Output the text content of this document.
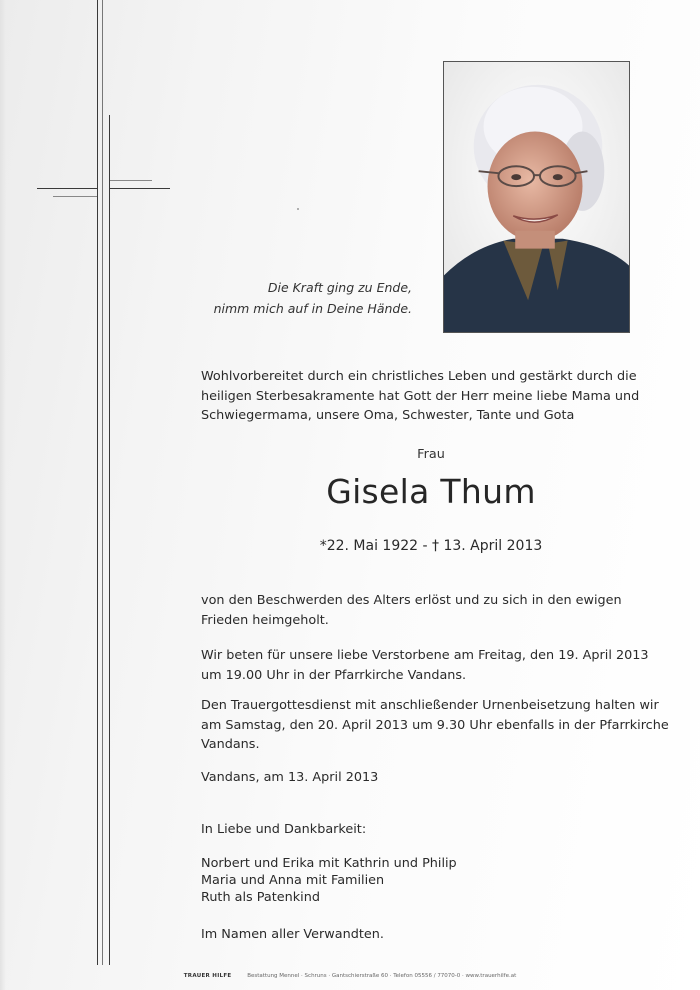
Die Kraft ging zu Ende,
nimm mich auf in Deine Hände.
Wohlvorbereitet durch ein christliches Leben und gestärkt durch die heiligen Sterbesakramente hat Gott der Herr meine liebe Mama und Schwiegermama, unsere Oma, Schwester, Tante und Gota
Frau
Gisela Thum
*22. Mai 1922 - † 13. April 2013
von den Beschwerden des Alters erlöst und zu sich in den ewigen Frieden heimgeholt.
Wir beten für unsere liebe Verstorbene am Freitag, den 19. April 2013 um 19.00 Uhr in der Pfarrkirche Vandans.
Den Trauergottesdienst mit anschließender Urnenbeisetzung halten wir am Samstag, den 20. April 2013 um 9.30 Uhr ebenfalls in der Pfarrkirche Vandans.
Vandans, am 13. April 2013
In Liebe und Dankbarkeit:
Norbert und Erika mit Kathrin und Philip
Maria und Anna mit Familien
Ruth als Patenkind
Im Namen aller Verwandten.
TRAUER HILFE	Bestattung Mennel · Schruns · Gantschierstraße 60 · Telefon 05556 / 77070-0 · www.trauerhilfe.at
